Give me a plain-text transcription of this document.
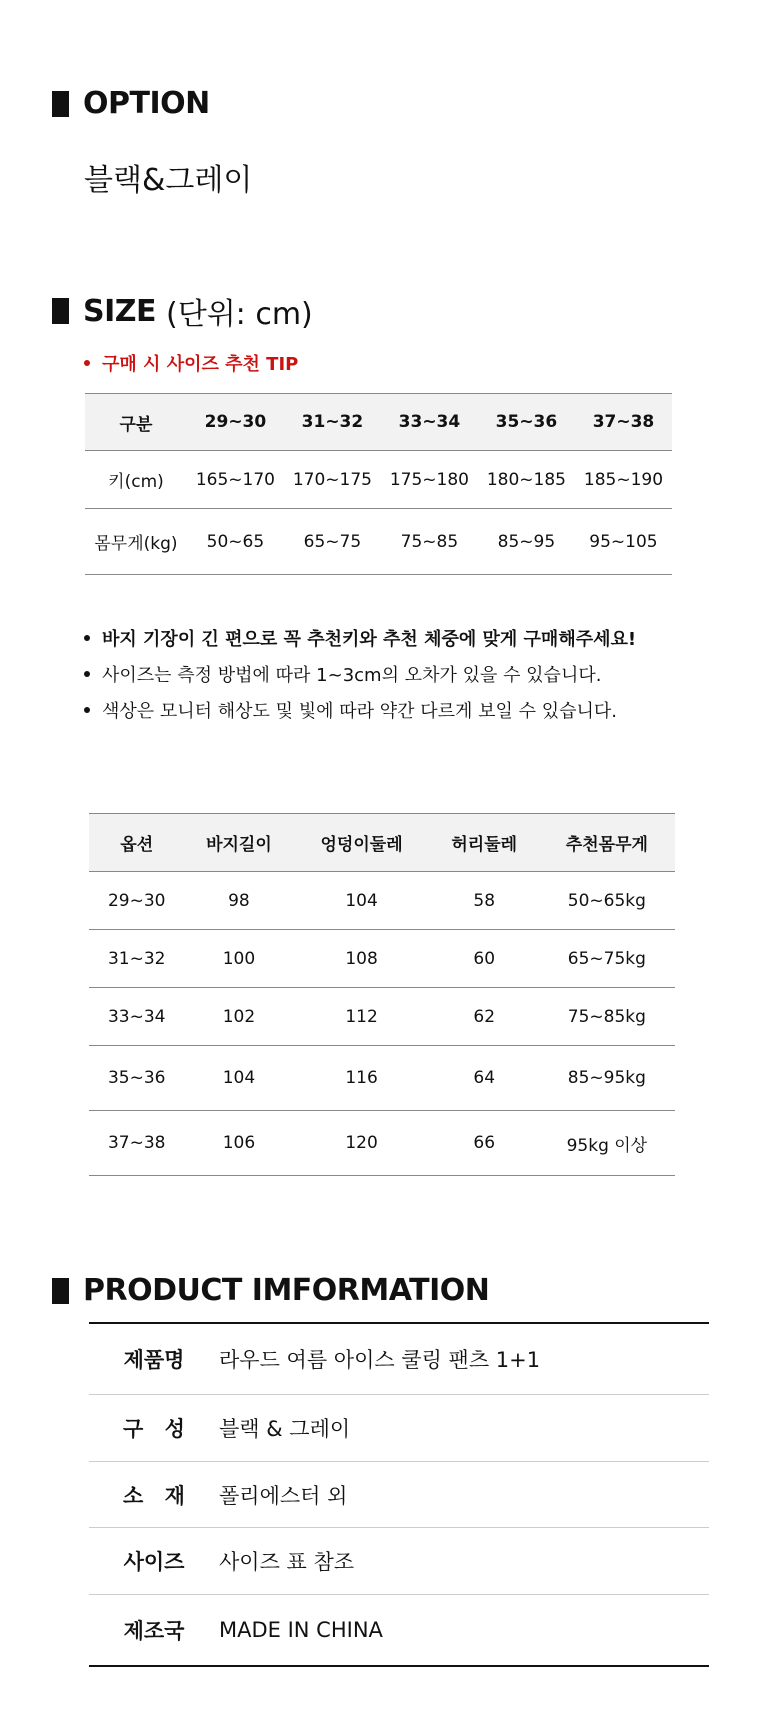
OPTION
블랙&그레이
SIZE (단위: cm)
구매 시 사이즈 추천 TIP
구분	29~30	31~32	33~34	35~36	37~38
키(cm)	165~170	170~175	175~180	180~185	185~190
몸무게(kg)	50~65	65~75	75~85	85~95	95~105
바지 기장이 긴 편으로 꼭 추천키와 추천 체중에 맞게 구매해주세요!
사이즈는 측정 방법에 따라 1~3cm의 오차가 있을 수 있습니다.
색상은 모니터 해상도 및 빛에 따라 약간 다르게 보일 수 있습니다.
옵션	바지길이	엉덩이둘레	허리둘레	추천몸무게
29~30	98	104	58	50~65kg
31~32	100	108	60	65~75kg
33~34	102	112	62	75~85kg
35~36	104	116	64	85~95kg
37~38	106	120	66	95kg 이상
PRODUCT IMFORMATION
제품명	라우드 여름 아이스 쿨링 팬츠 1+1
구 성	블랙 & 그레이
소 재	폴리에스터 외
사이즈	사이즈 표 참조
제조국	MADE IN CHINA
